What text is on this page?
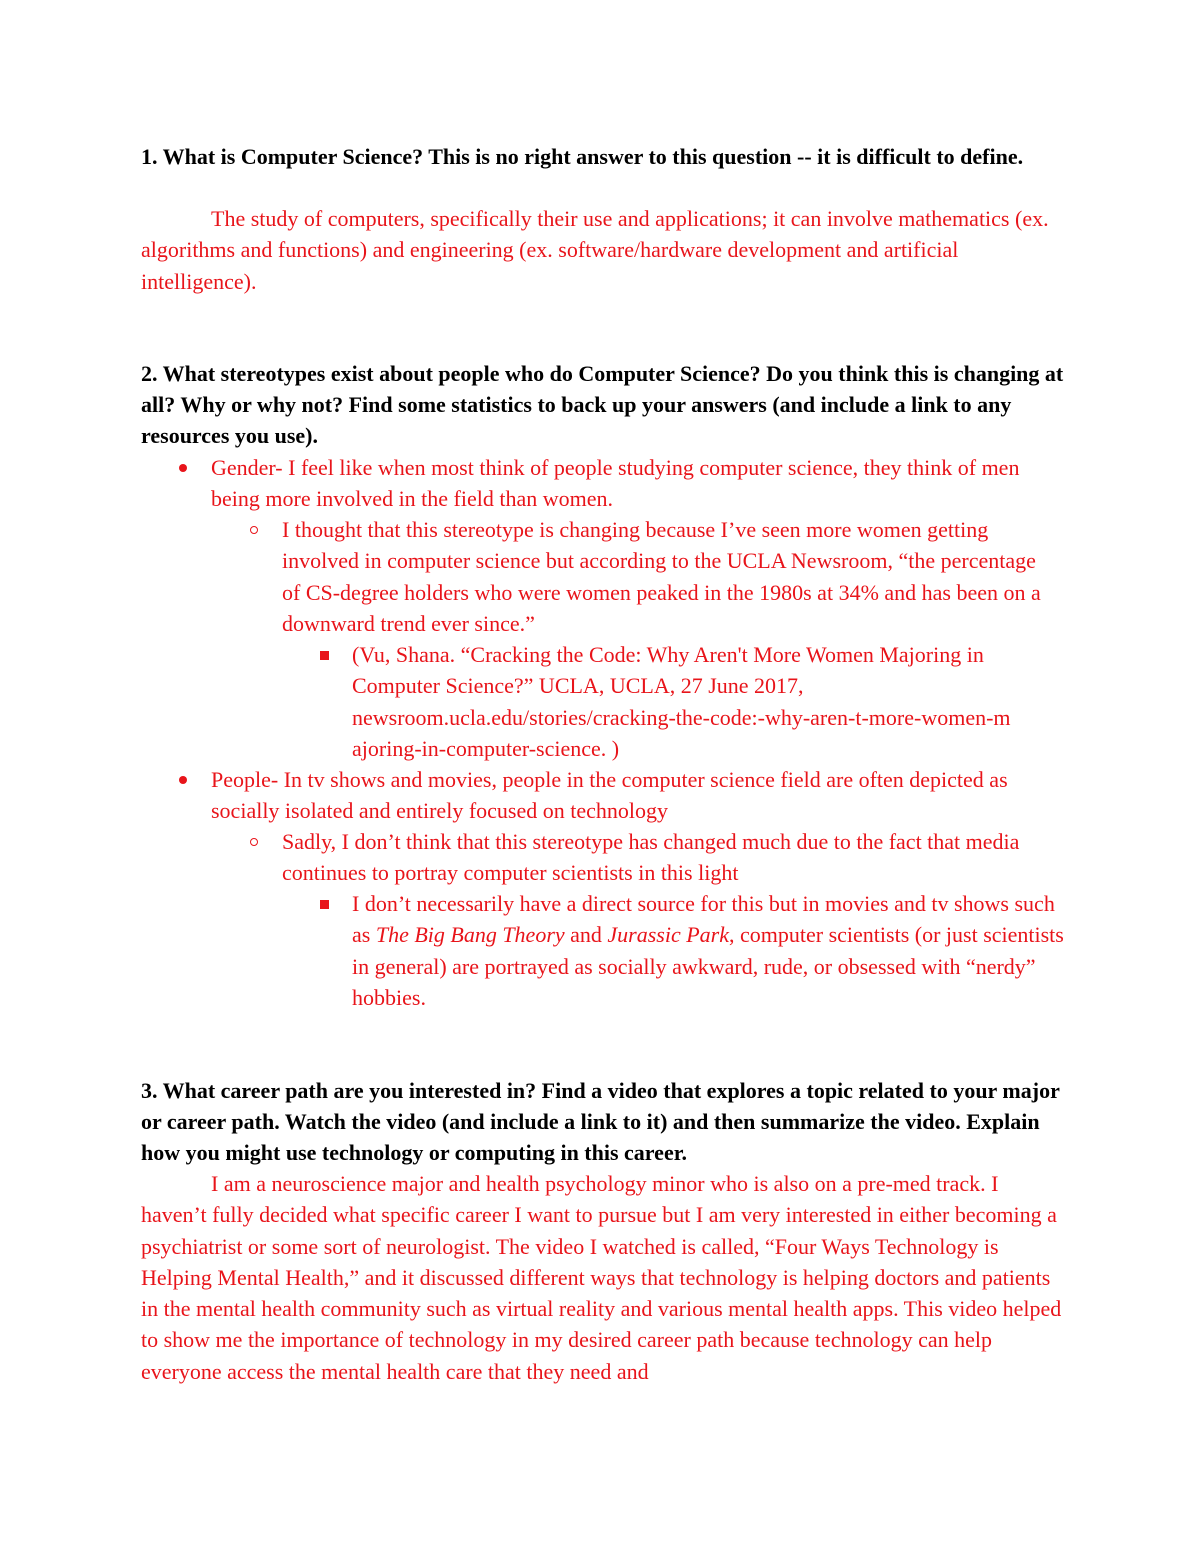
1. What is Computer Science? This is no right answer to this question -- it is difficult to define.
The study of computers, specifically their use and applications; it can involve mathematics (ex. algorithms and functions) and engineering (ex. software/hardware development and artificial intelligence).
2. What stereotypes exist about people who do Computer Science? Do you think this is changing at all? Why or why not? Find some statistics to back up your answers (and include a link to any resources you use).
Gender- I feel like when most think of people studying computer science, they think of men being more involved in the field than women.
I thought that this stereotype is changing because I’ve seen more women getting involved in computer science but according to the UCLA Newsroom, “the percentage of CS-degree holders who were women peaked in the 1980s at 34% and has been on a downward trend ever since.”
(Vu, Shana. “Cracking the Code: Why Aren't More Women Majoring in
Computer Science?” UCLA, UCLA, 27 June 2017,
newsroom.ucla.edu/stories/cracking-the-code:-why-aren-t-more-women-m
ajoring-in-computer-science. )
People- In tv shows and movies, people in the computer science field are often depicted as socially isolated and entirely focused on technology
Sadly, I don’t think that this stereotype has changed much due to the fact that media continues to portray computer scientists in this light
I don’t necessarily have a direct source for this but in movies and tv shows such as The Big Bang Theory and Jurassic Park, computer scientists (or just scientists in general) are portrayed as socially awkward, rude, or obsessed with “nerdy” hobbies.
3. What career path are you interested in? Find a video that explores a topic related to your major or career path. Watch the video (and include a link to it) and then summarize the video. Explain how you might use technology or computing in this career.
I am a neuroscience major and health psychology minor who is also on a pre-med track. I haven’t fully decided what specific career I want to pursue but I am very interested in either becoming a psychiatrist or some sort of neurologist. The video I watched is called, “Four Ways Technology is Helping Mental Health,” and it discussed different ways that technology is helping doctors and patients in the mental health community such as virtual reality and various mental health apps. This video helped to show me the importance of technology in my desired career path because technology can help everyone access the mental health care that they need and
